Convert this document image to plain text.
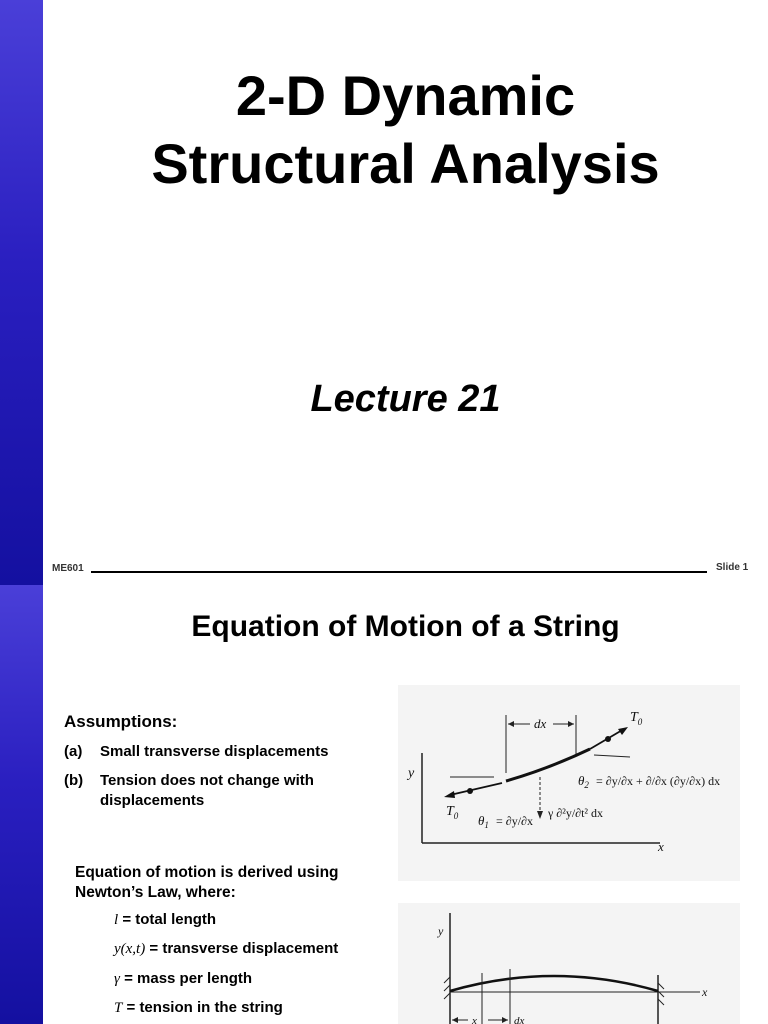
2-D Dynamic
Structural Analysis
Lecture 21
ME601	Slide 1
Equation of Motion of a String
Assumptions:
(a) Small transverse displacements
(b) Tension does not change with
displacements
Equation of motion is derived using
Newton’s Law, where:
l = total length
y(x,t) = transverse displacement
γ = mass per length
T = tension in the string
y
x
dx	$T_0$
$T_0$
$\theta_2 = \partial y/\partial x + \partial/\partial x$ (∂y/∂x) dx
$\theta_1 = \partial y/\partial x$
γ ∂²y/∂t² dx
y
x
x	dx
